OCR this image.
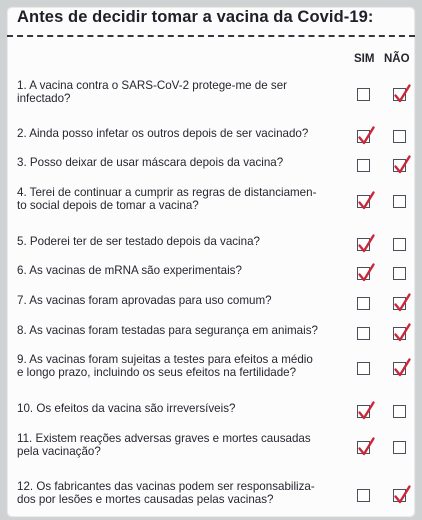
Antes de decidir tomar a vacina da Covid-19:
SIM NÃO
1. A vacina contra o SARS-CoV-2 protege-me de ser
infectado?
2. Ainda posso infetar os outros depois de ser vacinado?
3. Posso deixar de usar máscara depois da vacina?
4. Terei de continuar a cumprir as regras de distanciamen-
to social depois de tomar a vacina?
5. Poderei ter de ser testado depois da vacina?
6. As vacinas de mRNA são experimentais?
7. As vacinas foram aprovadas para uso comum?
8. As vacinas foram testadas para segurança em animais?
9. As vacinas foram sujeitas a testes para efeitos a médio
e longo prazo, incluindo os seus efeitos na fertilidade?
10. Os efeitos da vacina são irreversíveis?
11. Existem reações adversas graves e mortes causadas
pela vacinação?
12. Os fabricantes das vacinas podem ser responsabiliza-
dos por lesões e mortes causadas pelas vacinas?
